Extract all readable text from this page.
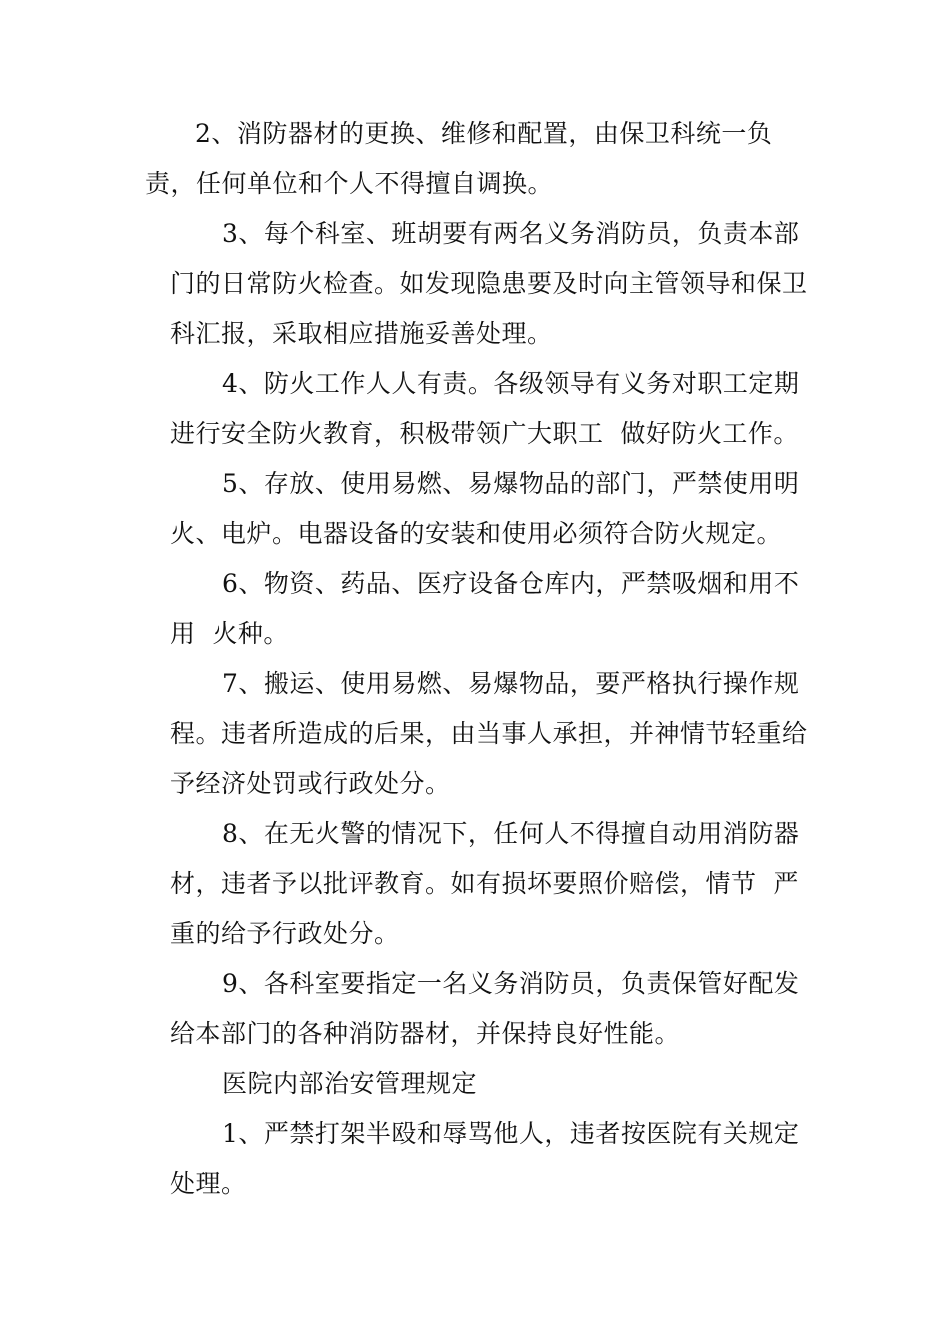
2、消防器材的更换、维修和配置，由保卫科统一负
责，任何单位和个人不得擅自调换。
3、每个科室、班胡要有两名义务消防员，负责本部
门的日常防火检查。如发现隐患要及时向主管领导和保卫
科汇报，采取相应措施妥善处理。
4、防火工作人人有责。各级领导有义务对职工定期
进行安全防火教育，积极带领广大职工  做好防火工作。
5、存放、使用易燃、易爆物品的部门，严禁使用明
火、电炉。电器设备的安装和使用必须符合防火规定。
6、物资、药品、医疗设备仓库内，严禁吸烟和用不
用  火种。
7、搬运、使用易燃、易爆物品，要严格执行操作规
程。违者所造成的后果，由当事人承担，并神情节轻重给
予经济处罚或行政处分。
8、在无火警的情况下，任何人不得擅自动用消防器
材，违者予以批评教育。如有损坏要照价赔偿，情节  严
重的给予行政处分。
9、各科室要指定一名义务消防员，负责保管好配发
给本部门的各种消防器材，并保持良好性能。
医院内部治安管理规定
1、严禁打架半殴和辱骂他人，违者按医院有关规定
处理。
